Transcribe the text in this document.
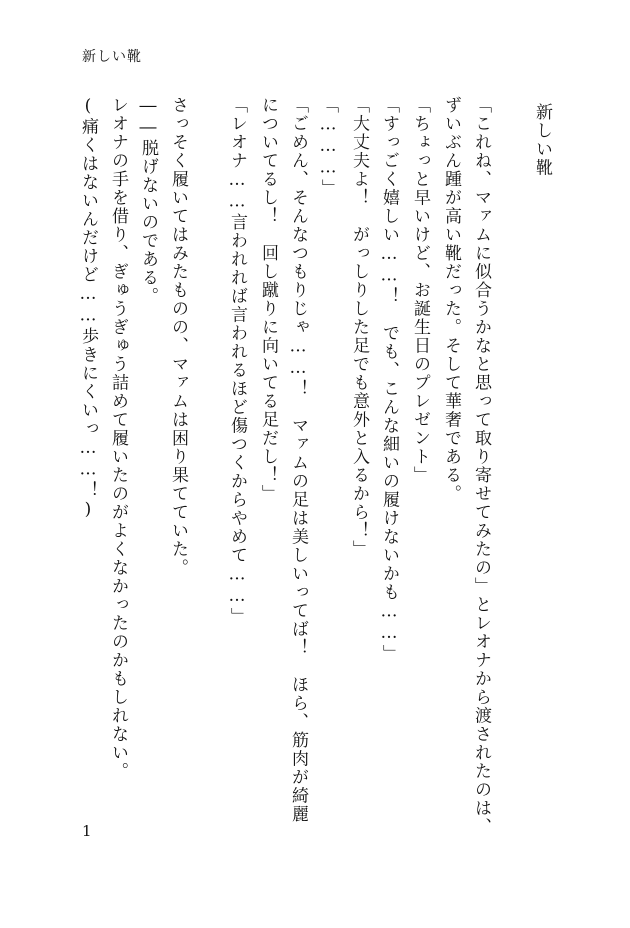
新しい靴
新しい靴
「これね、マァムに似合うかなと思って取り寄せてみたの」とレオナから渡されたのは、
ずいぶん踵が高い靴だった。そして華奢である。
「ちょっと早いけど、お誕生日のプレゼント」
「すっごく嬉しい……！　でも、こんな細いの履けないかも……」
「大丈夫よ！　がっしりした足でも意外と入るから！」
「………」
「ごめん、そんなつもりじゃ……！　マァムの足は美しいってば！　ほら、筋肉が綺麗
についてるし！　回し蹴りに向いてる足だし！」
「レオナ……言われれば言われるほど傷つくからやめて……」
さっそく履いてはみたものの、マァムは困り果てていた。
――脱げないのである。
レオナの手を借り、ぎゅうぎゅう詰めて履いたのがよくなかったのかもしれない。
(痛くはないんだけど……歩きにくいっ……！)
1
